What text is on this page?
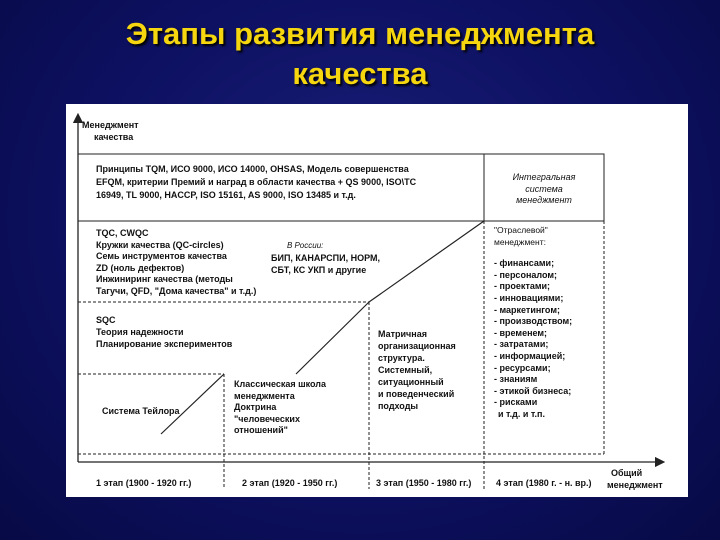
Этапы развития менеджмента
качества
Менеджмент
качества
Общий
менеджмент
Принципы TQM, ИСО 9000, ИСО 14000, OHSAS, Модель совершенства
EFQM, критерии Премий и наград в области качества + QS 9000, ISO\TC
16949, TL 9000, HACCP, ISO 15161, AS 9000, ISO 13485 и т.д.
Интегральная
система
менеджмент
TQC, CWQC
Кружки качества (QC-circles)
Семь инструментов качества
ZD (ноль дефектов)
Инжиниринг качества (методы
Тагучи, QFD, "Дома качества" и т.д.)
В России:
БИП, КАНАРСПИ, НОРМ,
СБТ, КС УКП и другие
SQC
Теория надежности
Планирование экспериментов
Система Тейлора
Классическая школа
менеджмента
Доктрина
"человеческих
отношений"
Матричная
организационная
структура.
Системный,
ситуационный
и поведенческий
подходы
"Отраслевой"
менеджмент:
- финансами;
- персоналом;
- проектами;
- инновациями;
- маркетингом;
- производством;
- временем;
- затратами;
- информацией;
- ресурсами;
- знаниям
- этикой бизнеса;
- рисками
и т.д. и т.п.
1 этап (1900 - 1920 гг.)	2 этап (1920 - 1950 гг.)	3 этап (1950 - 1980 гг.)	4 этап (1980 г. - н. вр.)
